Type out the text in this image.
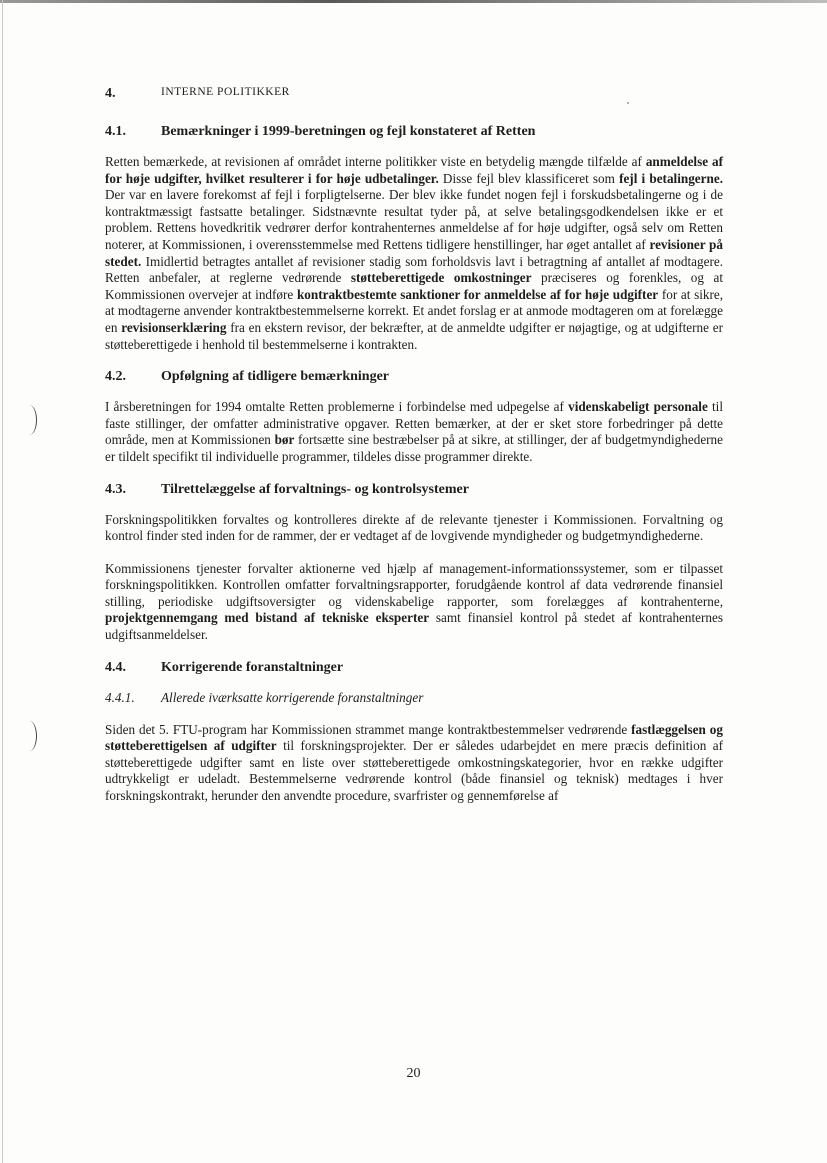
4.	INTERNE POLITIKKER
4.1.	Bemærkninger i 1999-beretningen og fejl konstateret af Retten

Retten bemærkede, at revisionen af området interne politikker viste en betydelig mængde tilfælde af anmeldelse af for høje udgifter, hvilket resulterer i for høje udbetalinger. Disse fejl blev klassificeret som fejl i betalingerne. Der var en lavere forekomst af fejl i forpligtelserne. Der blev ikke fundet nogen fejl i forskudsbetalingerne og i de kontraktmæssigt fastsatte betalinger. Sidstnævnte resultat tyder på, at selve betalingsgodkendelsen ikke er et problem. Rettens hovedkritik vedrører derfor kontrahenternes anmeldelse af for høje udgifter, også selv om Retten noterer, at Kommissionen, i overensstemmelse med Rettens tidligere henstillinger, har øget antallet af revisioner på stedet. Imidlertid betragtes antallet af revisioner stadig som forholdsvis lavt i betragtning af antallet af modtagere. Retten anbefaler, at reglerne vedrørende støtteberettigede omkostninger præciseres og forenkles, og at Kommissionen overvejer at indføre kontraktbestemte sanktioner for anmeldelse af for høje udgifter for at sikre, at modtagerne anvender kontraktbestemmelserne korrekt. Et andet forslag er at anmode modtageren om at forelægge en revisionserklæring fra en ekstern revisor, der bekræfter, at de anmeldte udgifter er nøjagtige, og at udgifterne er støtteberettigede i henhold til bestemmelserne i kontrakten.

4.2.	Opfølgning af tidligere bemærkninger

I årsberetningen for 1994 omtalte Retten problemerne i forbindelse med udpegelse af videnskabeligt personale til faste stillinger, der omfatter administrative opgaver. Retten bemærker, at der er sket store forbedringer på dette område, men at Kommissionen bør fortsætte sine bestræbelser på at sikre, at stillinger, der af budgetmyndighederne er tildelt specifikt til individuelle programmer, tildeles disse programmer direkte.

4.3.	Tilrettelæggelse af forvaltnings- og kontrolsystemer

Forskningspolitikken forvaltes og kontrolleres direkte af de relevante tjenester i Kommissionen. Forvaltning og kontrol finder sted inden for de rammer, der er vedtaget af de lovgivende myndigheder og budgetmyndighederne.

Kommissionens tjenester forvalter aktionerne ved hjælp af management-informationssystemer, som er tilpasset forskningspolitikken. Kontrollen omfatter forvaltningsrapporter, forudgående kontrol af data vedrørende finansiel stilling, periodiske udgiftsoversigter og videnskabelige rapporter, som forelægges af kontrahenterne, projektgennemgang med bistand af tekniske eksperter samt finansiel kontrol på stedet af kontrahenternes udgiftsanmeldelser.

4.4.	Korrigerende foranstaltninger
4.4.1.	Allerede iværksatte korrigerende foranstaltninger

Siden det 5. FTU-program har Kommissionen strammet mange kontraktbestemmelser vedrørende fastlæggelsen og støtteberettigelsen af udgifter til forskningsprojekter. Der er således udarbejdet en mere præcis definition af støtteberettigede udgifter samt en liste over støtteberettigede omkostningskategorier, hvor en række udgifter udtrykkeligt er udeladt. Bestemmelserne vedrørende kontrol (både finansiel og teknisk) medtages i hver forskningskontrakt, herunder den anvendte procedure, svarfrister og gennemførelse af

20
